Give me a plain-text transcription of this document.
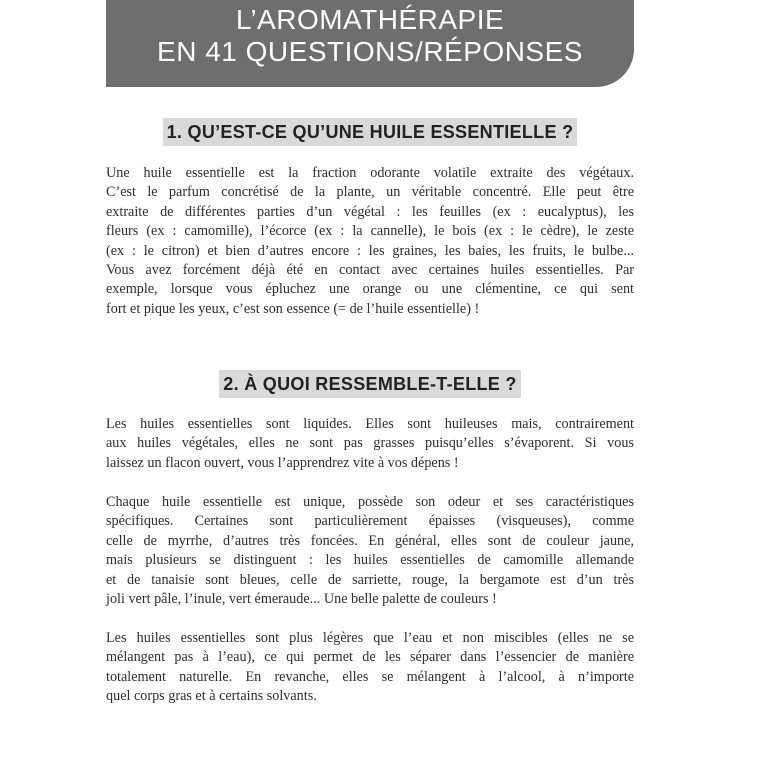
L’AROMATHÉRAPIE
EN 41 QUESTIONS/RÉPONSES
1. QU’EST-CE QU’UNE HUILE ESSENTIELLE ?
Une huile essentielle est la fraction odorante volatile extraite des végétaux.
C’est le parfum concrétisé de la plante, un véritable concentré. Elle peut être
extraite de différentes parties d’un végétal : les feuilles (ex : eucalyptus), les
fleurs (ex : camomille), l’écorce (ex : la cannelle), le bois (ex : le cèdre), le zeste
(ex : le citron) et bien d’autres encore : les graines, les baies, les fruits, le bulbe...
Vous avez forcément déjà été en contact avec certaines huiles essentielles. Par
exemple, lorsque vous épluchez une orange ou une clémentine, ce qui sent
fort et pique les yeux, c’est son essence (= de l’huile essentielle) !
2. À QUOI RESSEMBLE-T-ELLE ?
Les huiles essentielles sont liquides. Elles sont huileuses mais, contrairement
aux huiles végétales, elles ne sont pas grasses puisqu’elles s’évaporent. Si vous
laissez un flacon ouvert, vous l’apprendrez vite à vos dépens !
Chaque huile essentielle est unique, possède son odeur et ses caractéristiques
spécifiques. Certaines sont particulièrement épaisses (visqueuses), comme
celle de myrrhe, d’autres très foncées. En général, elles sont de couleur jaune,
mais plusieurs se distinguent : les huiles essentielles de camomille allemande
et de tanaisie sont bleues, celle de sarriette, rouge, la bergamote est d’un très
joli vert pâle, l’inule, vert émeraude... Une belle palette de couleurs !
Les huiles essentielles sont plus légères que l’eau et non miscibles (elles ne se
mélangent pas à l’eau), ce qui permet de les séparer dans l’essencier de manière
totalement naturelle. En revanche, elles se mélangent à l’alcool, à n’importe
quel corps gras et à certains solvants.
